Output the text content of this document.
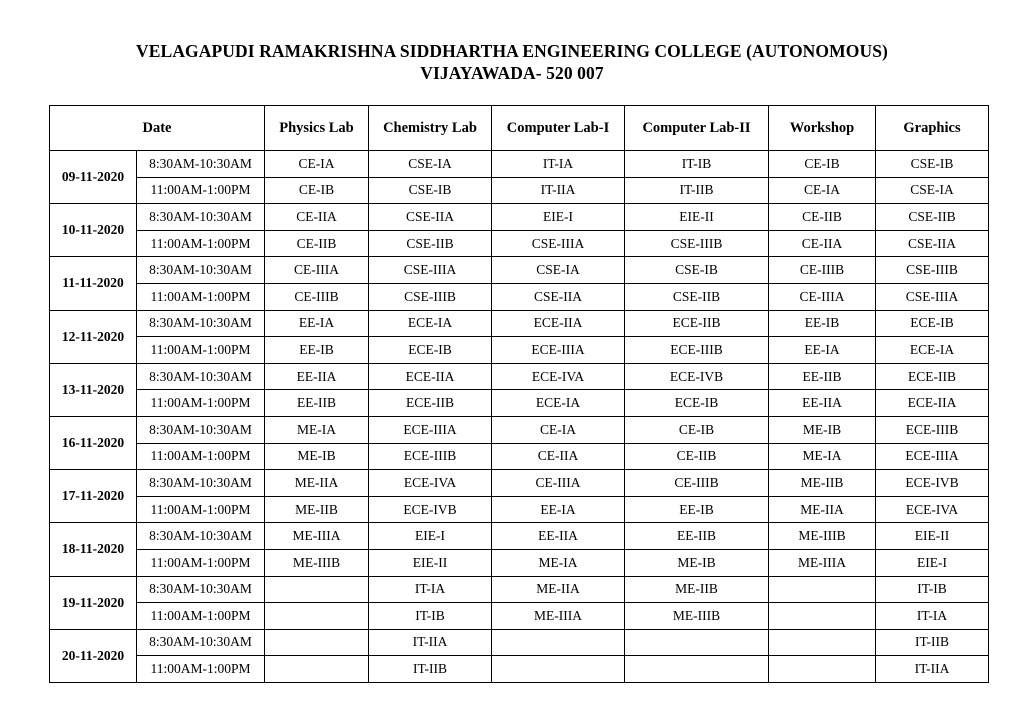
VELAGAPUDI RAMAKRISHNA SIDDHARTHA ENGINEERING COLLEGE (AUTONOMOUS)
VIJAYAWADA- 520 007
Date		Physics Lab	Chemistry Lab	Computer Lab-I	Computer Lab-II	Workshop	Graphics
09-11-2020	8:30AM-10:30AM	CE-IA	CSE-IA	IT-IA	IT-IB	CE-IB	CSE-IB
	11:00AM-1:00PM	CE-IB	CSE-IB	IT-IIA	IT-IIB	CE-IA	CSE-IA
10-11-2020	8:30AM-10:30AM	CE-IIA	CSE-IIA	EIE-I	EIE-II	CE-IIB	CSE-IIB
	11:00AM-1:00PM	CE-IIB	CSE-IIB	CSE-IIIA	CSE-IIIB	CE-IIA	CSE-IIA
11-11-2020	8:30AM-10:30AM	CE-IIIA	CSE-IIIA	CSE-IA	CSE-IB	CE-IIIB	CSE-IIIB
	11:00AM-1:00PM	CE-IIIB	CSE-IIIB	CSE-IIA	CSE-IIB	CE-IIIA	CSE-IIIA
12-11-2020	8:30AM-10:30AM	EE-IA	ECE-IA	ECE-IIA	ECE-IIB	EE-IB	ECE-IB
	11:00AM-1:00PM	EE-IB	ECE-IB	ECE-IIIA	ECE-IIIB	EE-IA	ECE-IA
13-11-2020	8:30AM-10:30AM	EE-IIA	ECE-IIA	ECE-IVA	ECE-IVB	EE-IIB	ECE-IIB
	11:00AM-1:00PM	EE-IIB	ECE-IIB	ECE-IA	ECE-IB	EE-IIA	ECE-IIA
16-11-2020	8:30AM-10:30AM	ME-IA	ECE-IIIA	CE-IA	CE-IB	ME-IB	ECE-IIIB
	11:00AM-1:00PM	ME-IB	ECE-IIIB	CE-IIA	CE-IIB	ME-IA	ECE-IIIA
17-11-2020	8:30AM-10:30AM	ME-IIA	ECE-IVA	CE-IIIA	CE-IIIB	ME-IIB	ECE-IVB
	11:00AM-1:00PM	ME-IIB	ECE-IVB	EE-IA	EE-IB	ME-IIA	ECE-IVA
18-11-2020	8:30AM-10:30AM	ME-IIIA	EIE-I	EE-IIA	EE-IIB	ME-IIIB	EIE-II
	11:00AM-1:00PM	ME-IIIB	EIE-II	ME-IA	ME-IB	ME-IIIA	EIE-I
19-11-2020	8:30AM-10:30AM		IT-IA	ME-IIA	ME-IIB		IT-IB
	11:00AM-1:00PM		IT-IB	ME-IIIA	ME-IIIB		IT-IA
20-11-2020	8:30AM-10:30AM		IT-IIA				IT-IIB
	11:00AM-1:00PM		IT-IIB				IT-IIA
